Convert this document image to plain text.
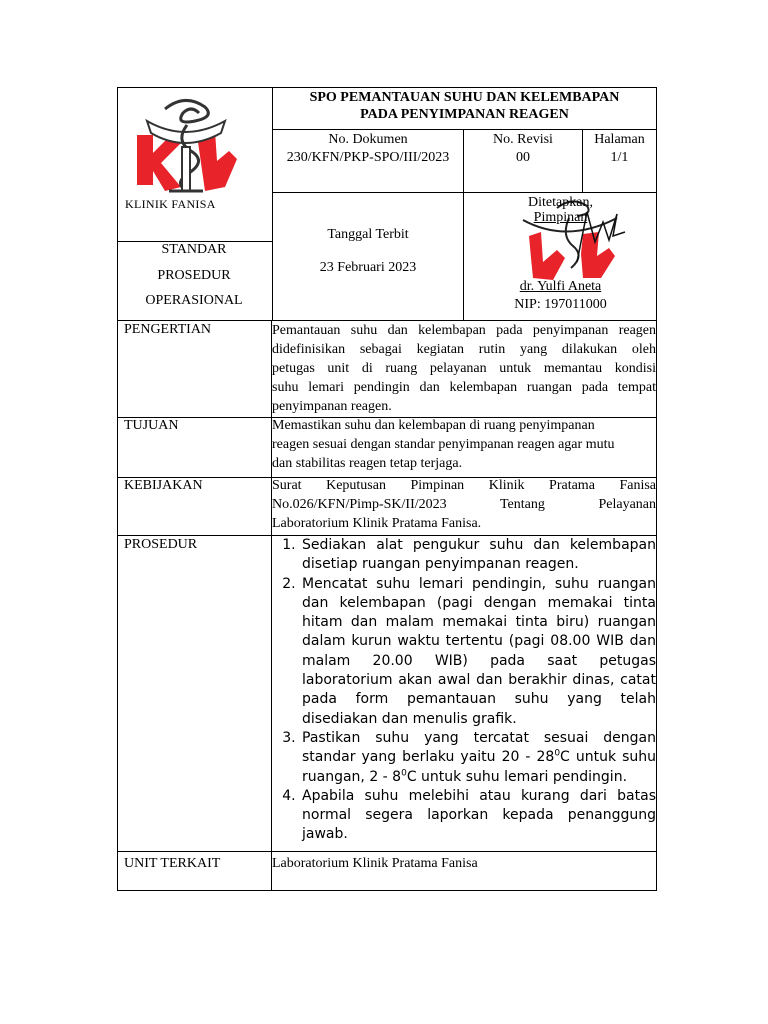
KLINIK FANISA
SPO PEMANTAUAN SUHU DAN KELEMBAPAN
PADA PENYIMPANAN REAGEN
No. Dokumen
230/KFN/PKP-SPO/III/2023
No. Revisi
00
Halaman
1/1
STANDAR
PROSEDUR
OPERASIONAL
Tanggal Terbit
23 Februari 2023
Ditetapkan,
Pimpinan
dr. Yulfi Aneta
NIP: 197011000
PENGERTIAN	Pemantauan suhu dan kelembapan pada penyimpanan reagen
didefinisikan sebagai kegiatan rutin yang dilakukan oleh
petugas unit di ruang pelayanan untuk memantau kondisi
suhu lemari pendingin dan kelembapan ruangan pada tempat
penyimpanan reagen.
TUJUAN	Memastikan suhu dan kelembapan di ruang penyimpanan
reagen sesuai dengan standar penyimpanan reagen agar mutu
dan stabilitas reagen tetap terjaga.
KEBIJAKAN	Surat Keputusan Pimpinan Klinik Pratama Fanisa
No.026/KFN/Pimp-SK/II/2023 Tentang Pelayanan
Laboratorium Klinik Pratama Fanisa.
PROSEDUR
1.	Sediakan alat pengukur suhu dan kelembapan disetiap ruangan penyimpanan reagen.
2. Mencatat suhu lemari pendingin, suhu ruangan dan kelembapan (pagi dengan memakai tinta hitam dan malam memakai tinta biru) ruangan dalam kurun waktu tertentu (pagi 08.00 WIB dan malam 20.00 WIB) pada saat petugas laboratorium akan awal dan berakhir dinas, catat pada form pemantauan suhu yang telah disediakan dan menulis grafik.
3. Pastikan suhu yang tercatat sesuai dengan standar yang berlaku yaitu $20 - 28^0C$ untuk suhu ruangan, $2 - 8^0C$ untuk suhu lemari pendingin.
4. Apabila suhu melebihi atau kurang dari batas normal segera laporkan kepada penanggung jawab.
UNIT TERKAIT	Laboratorium Klinik Pratama Fanisa
